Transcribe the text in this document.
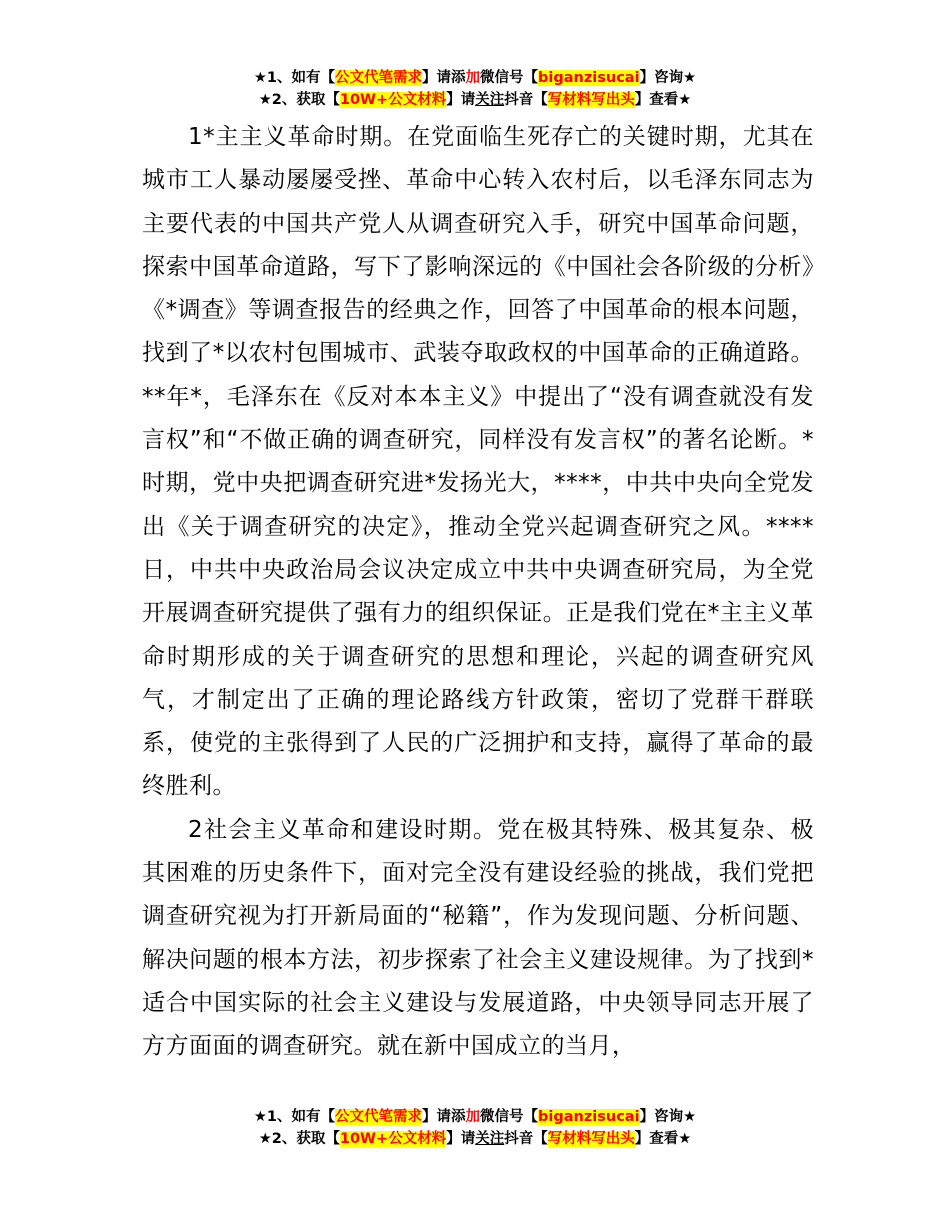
★1、如有【公文代笔需求】请添加微信号【biganzisucai】咨询★
★2、获取【10W+公文材料】请关注抖音【写材料写出头】查看★

1*主主义革命时期。在党面临生死存亡的关键时期，尤其在城市工人暴动屡屡受挫、革命中心转入农村后，以毛泽东同志为主要代表的中国共产党人从调查研究入手，研究中国革命问题，探索中国革命道路，写下了影响深远的《中国社会各阶级的分析》《*调查》等调查报告的经典之作，回答了中国革命的根本问题，找到了*以农村包围城市、武装夺取政权的中国革命的正确道路。**年*，毛泽东在《反对本本主义》中提出了“没有调查就没有发言权”和“不做正确的调查研究，同样没有发言权”的著名论断。*时期，党中央把调查研究进*发扬光大，****，中共中央向全党发出《关于调查研究的决定》，推动全党兴起调查研究之风。****日，中共中央政治局会议决定成立中共中央调查研究局，为全党开展调查研究提供了强有力的组织保证。正是我们党在*主主义革命时期形成的关于调查研究的思想和理论，兴起的调查研究风气，才制定出了正确的理论路线方针政策，密切了党群干群联系，使党的主张得到了人民的广泛拥护和支持，赢得了革命的最终胜利。

2社会主义革命和建设时期。党在极其特殊、极其复杂、极其困难的历史条件下，面对完全没有建设经验的挑战，我们党把调查研究视为打开新局面的“秘籍”，作为发现问题、分析问题、解决问题的根本方法，初步探索了社会主义建设规律。为了找到*适合中国实际的社会主义建设与发展道路，中央领导同志开展了方方面面的调查研究。就在新中国成立的当月，

★1、如有【公文代笔需求】请添加微信号【biganzisucai】咨询★
★2、获取【10W+公文材料】请关注抖音【写材料写出头】查看★
